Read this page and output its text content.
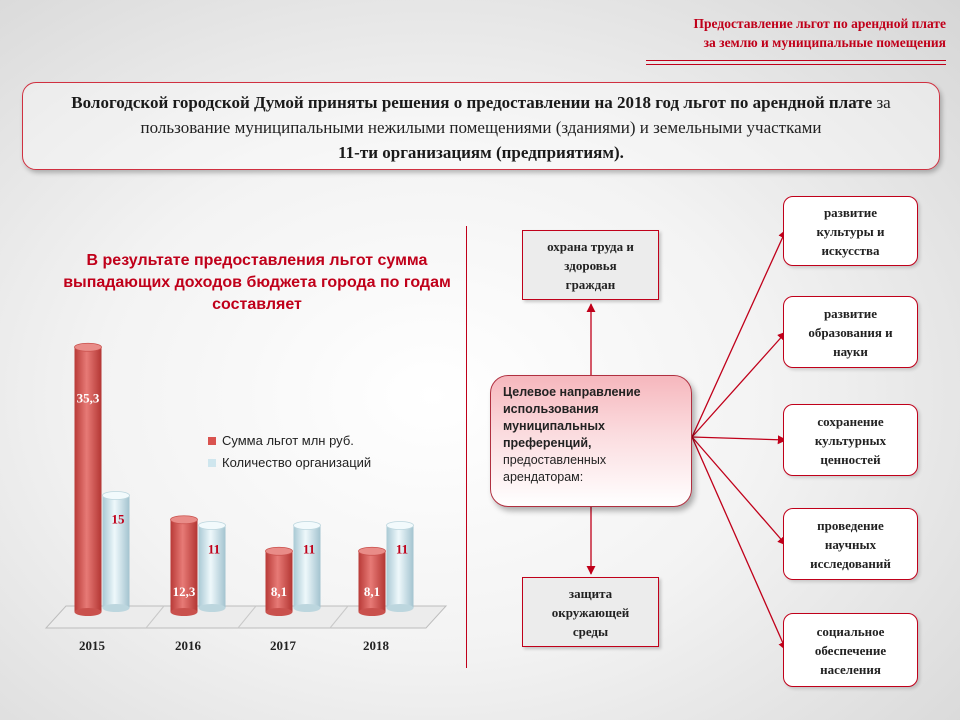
Предоставление льгот по арендной плате
за землю и муниципальные помещения
Вологодской городской Думой приняты решения о предоставлении на 2018 год льгот по арендной плате за пользование муниципальными нежилыми помещениями (зданиями) и земельными участками
11-ти организациям (предприятиям).
В результате предоставления льгот сумма выпадающих доходов бюджета города по годам составляет
35,3
15
2015
12,3
11
2016
8,1
11
2017
8,1
11
2018
Сумма льгот млн руб.
Количество организаций
охрана труда и
здоровья
граждан
Целевое направление
использования
муниципальных
преференций,
предоставленных
арендаторам:
защита
окружающей
среды
развитие
культуры и
искусства
развитие
образования и
науки
сохранение
культурных
ценностей
проведение
научных
исследований
социальное
обеспечение
населения
